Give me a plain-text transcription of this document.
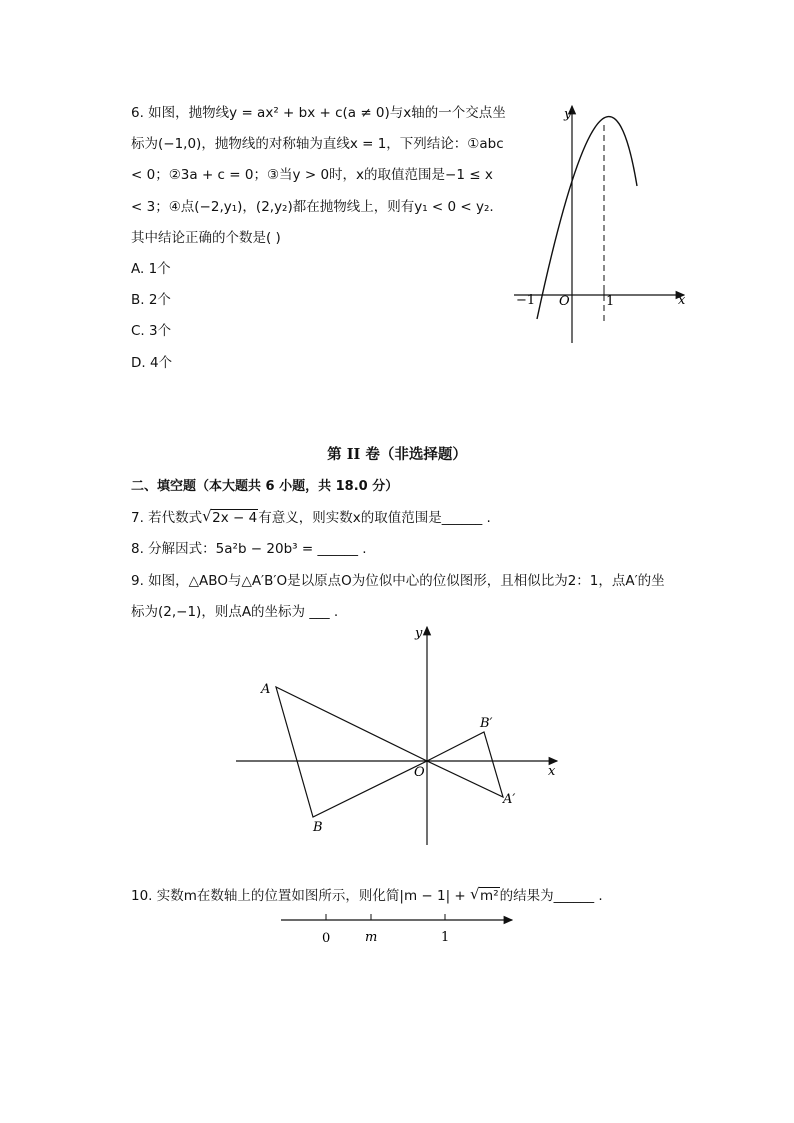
6. 如图，抛物线y = ax² + bx + c(a ≠ 0)与x轴的一个交点坐
标为(−1,0)，抛物线的对称轴为直线x = 1，下列结论：①abc
< 0；②3a + c = 0；③当y > 0时，x的取值范围是−1 ≤ x
< 3；④点(−2,y₁)，(2,y₂)都在抛物线上，则有y₁ < 0 < y₂.
其中结论正确的个数是( )
A. 1个
B. 2个
C. 3个
D. 4个
y
x
O
−1	1
第 II 卷（非选择题）
二、填空题（本大题共 6 小题，共 18.0 分）
7. 若代数式 √ 2x − 4有意义，则实数x的取值范围是______ .
8. 分解因式：5a²b − 20b³ = ______ .
9. 如图，△ABO与△A′B′O是以原点O为位似中心的位似图形，且相似比为2：1，点A′的坐
标为(2,−1)，则点A的坐标为 ___ .
y
x
A
B
O
B′
A′
10. 实数m在数轴上的位置如图所示，则化简|m − 1| + √ m²的结果为______ .
0	m	1
